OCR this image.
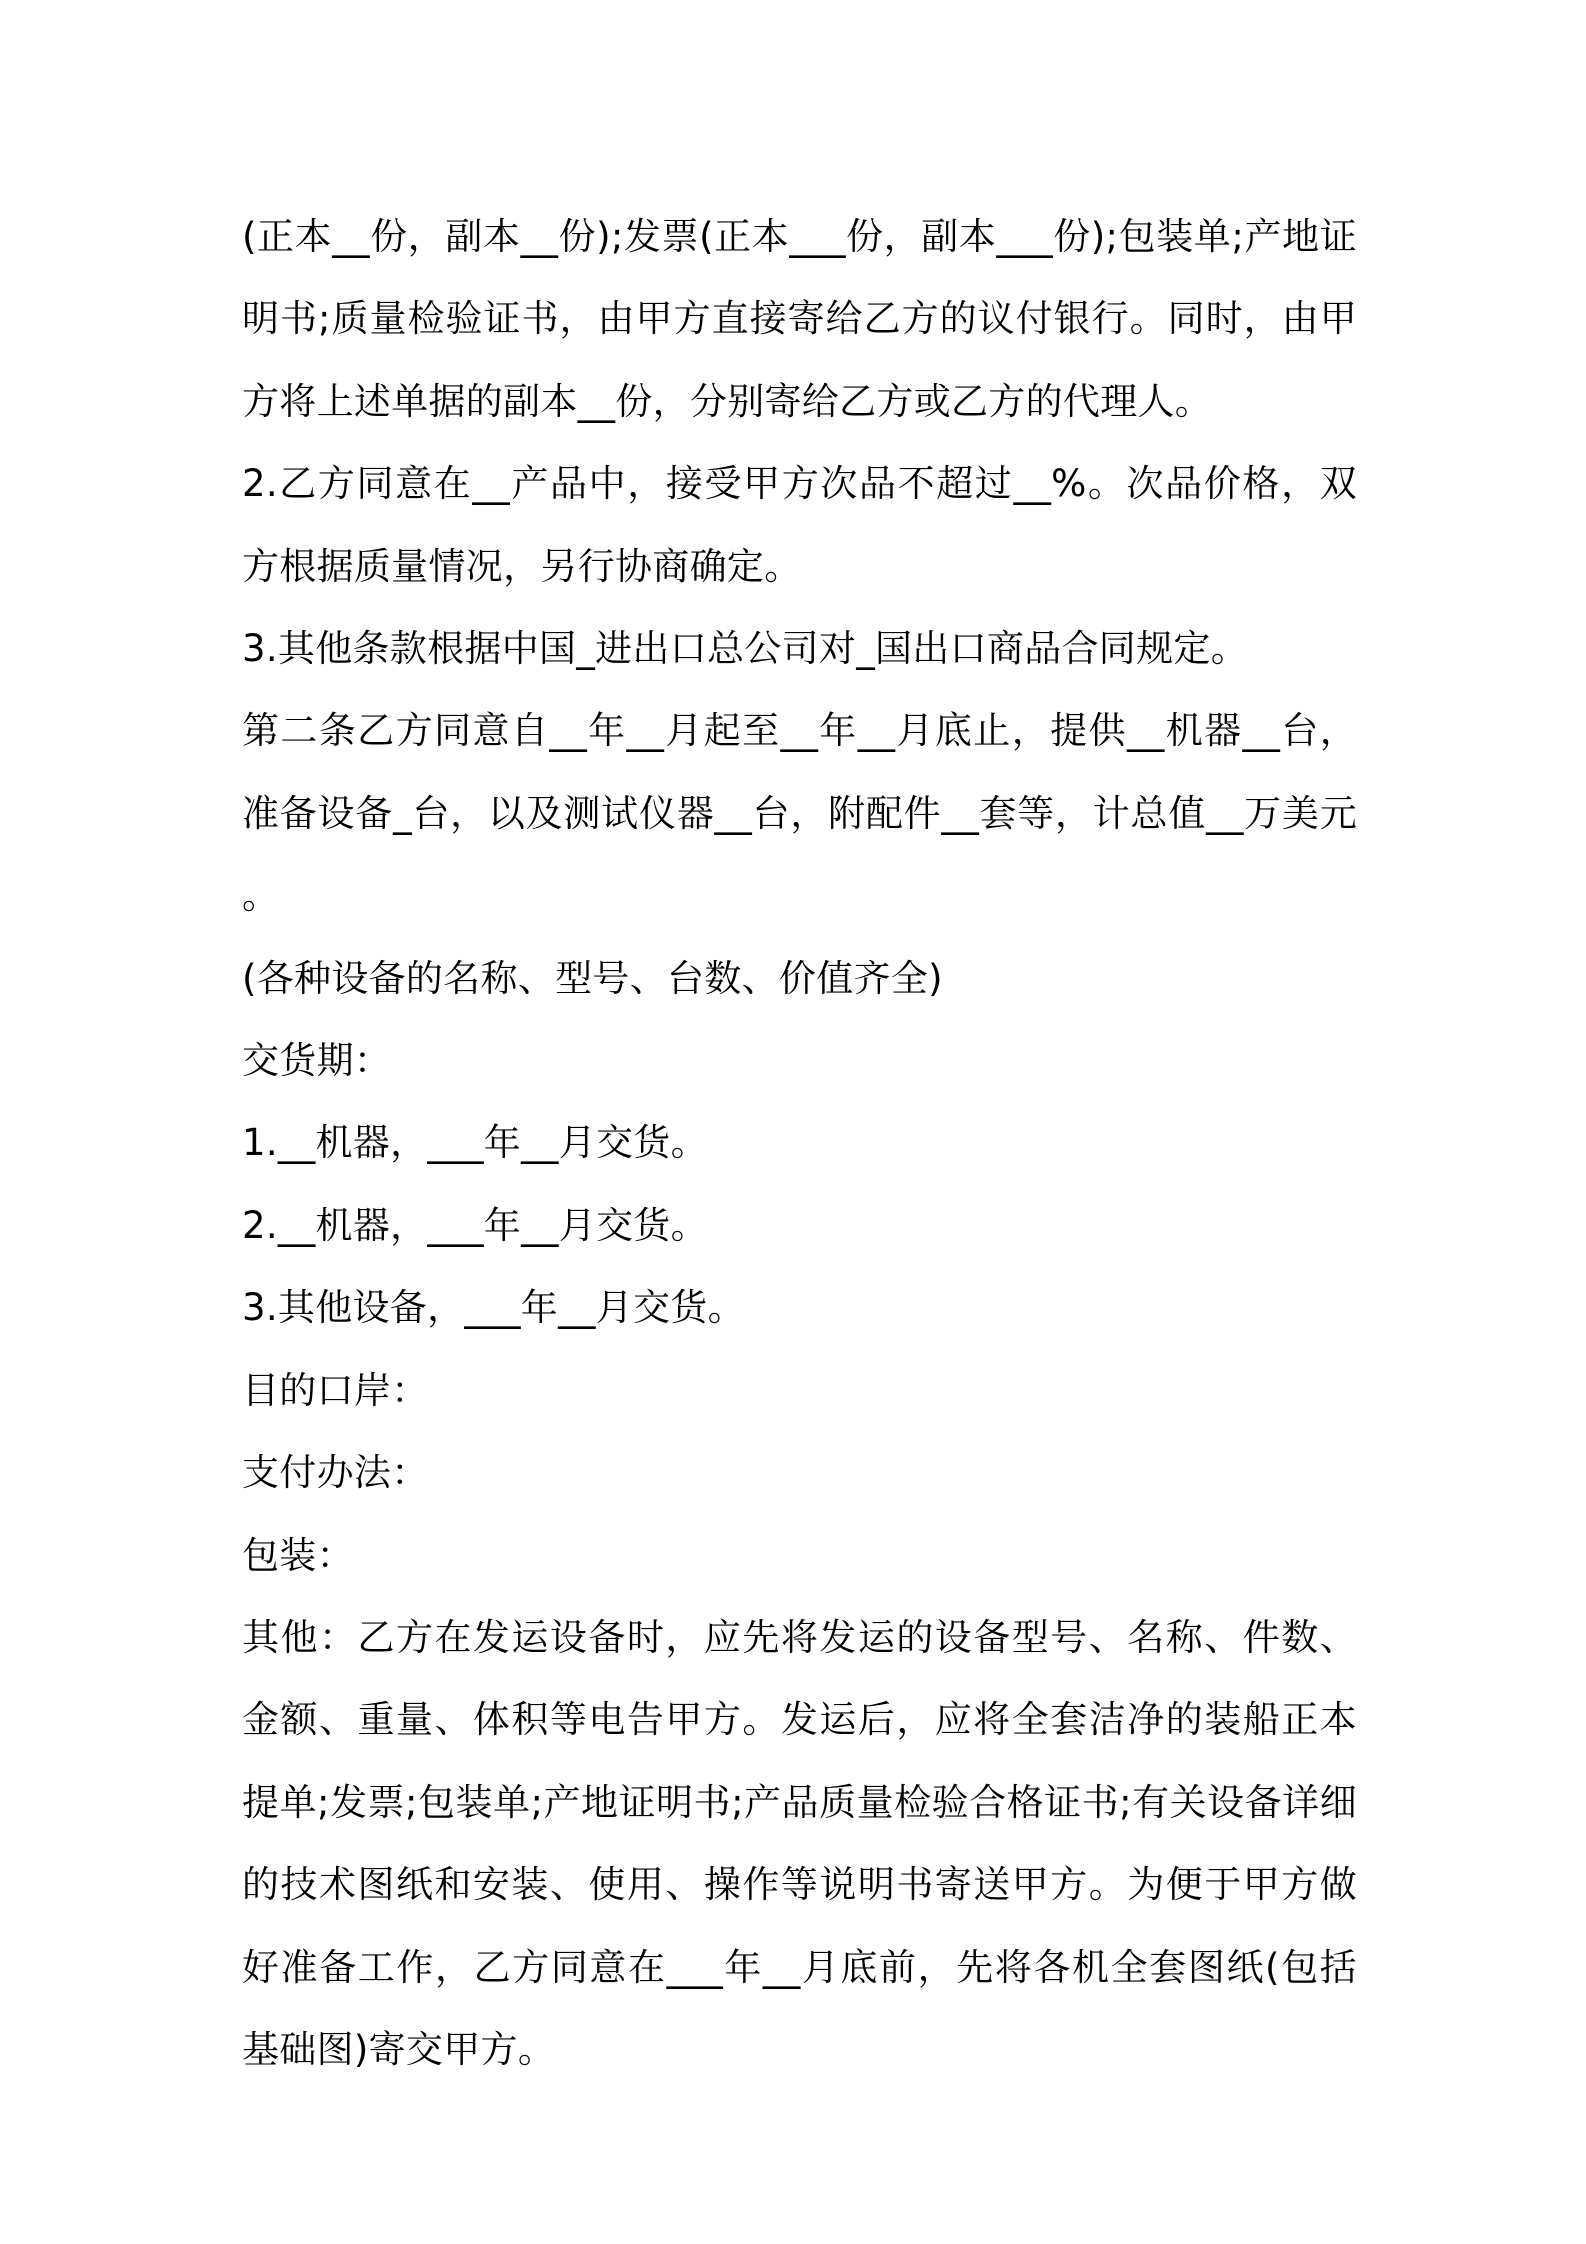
(正本__份，副本__份);发票(正本___份，副本___份);包装单;产地证明书;质量检验证书，由甲方直接寄给乙方的议付银行。同时，由甲方将上述单据的副本__份，分别寄给乙方或乙方的代理人。

2.乙方同意在__产品中，接受甲方次品不超过__%。次品价格，双方根据质量情况，另行协商确定。

3.其他条款根据中国_进出口总公司对_国出口商品合同规定。

第二条乙方同意自__年__月起至__年__月底止，提供__机器__台，准备设备_台，以及测试仪器__台，附配件__套等，计总值__万美元。

(各种设备的名称、型号、台数、价值齐全)

交货期：

1.__机器，___年__月交货。

2.__机器，___年__月交货。

3.其他设备，___年__月交货。

目的口岸：

支付办法：

包装：

其他：乙方在发运设备时，应先将发运的设备型号、名称、件数、金额、重量、体积等电告甲方。发运后，应将全套洁净的装船正本提单;发票;包装单;产地证明书;产品质量检验合格证书;有关设备详细的技术图纸和安装、使用、操作等说明书寄送甲方。为便于甲方做好准备工作，乙方同意在___年__月底前，先将各机全套图纸(包括基础图)寄交甲方。
